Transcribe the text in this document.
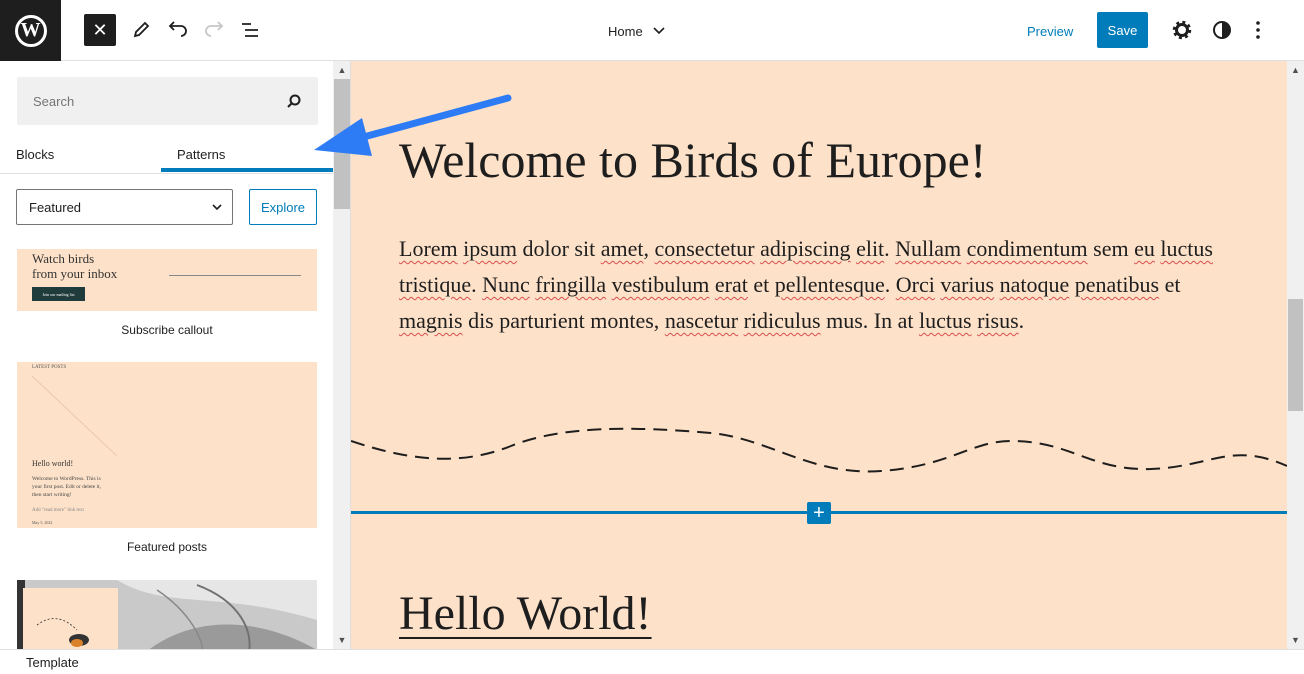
W	✕	Home	Preview	Save
Search
Blocks	Patterns
Featured	Explore
Watch birds
from your inbox
Join our mailing list
Subscribe callout
LATEST POSTS
Hello world!
Welcome to WordPress. This is
your first post. Edit or delete it,
then start writing!
Add "read more" link text
May 5, 2022
Featured posts
▲
▼
Welcome to Birds of Europe!
Lorem ipsum dolor sit amet, consectetur adipiscing elit. Nullam condimentum sem eu luctus tristique. Nunc fringilla vestibulum erat et pellentesque. Orci varius natoque penatibus et magnis dis parturient montes, nascetur ridiculus mus. In at luctus risus.
+
Hello World!
▲
▼
Template
